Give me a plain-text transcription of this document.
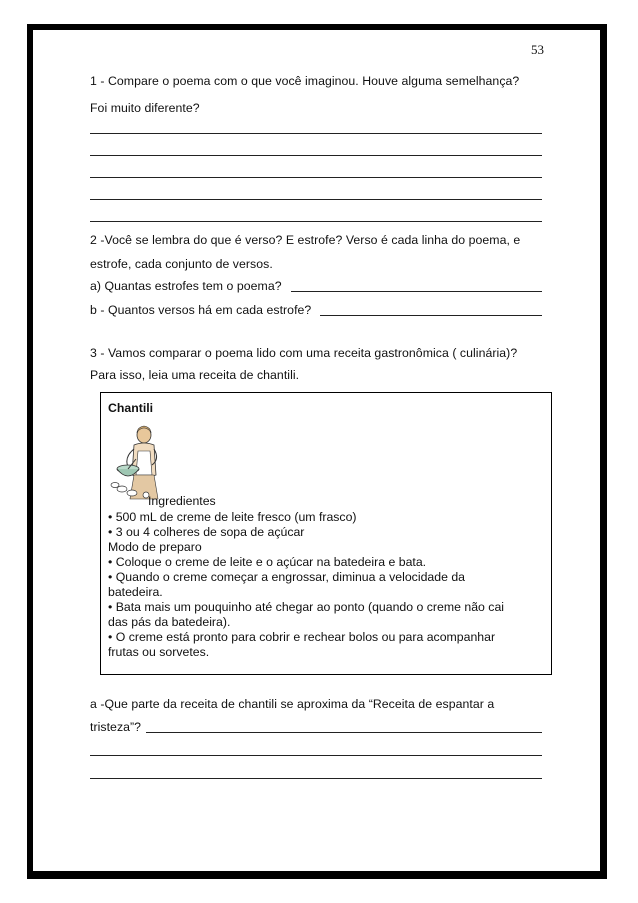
53
1 - Compare o poema com o que você imaginou. Houve alguma semelhança?
Foi muito diferente?
2 -Você se lembra do que é verso? E estrofe? Verso é cada linha do poema, e
estrofe, cada conjunto de versos.
a) Quantas estrofes tem o poema?
b - Quantos versos há em cada estrofe?
3 - Vamos comparar o poema lido com uma receita gastronômica ( culinária)?
Para isso, leia uma receita de chantili.
Chantili
Ingredientes
• 500 mL de creme de leite fresco (um frasco)
• 3 ou 4 colheres de sopa de açúcar
Modo de preparo
• Coloque o creme de leite e o açúcar na batedeira e bata.
• Quando o creme começar a engrossar, diminua a velocidade da
batedeira.
• Bata mais um pouquinho até chegar ao ponto (quando o creme não cai
das pás da batedeira).
• O creme está pronto para cobrir e rechear bolos ou para acompanhar
frutas ou sorvetes.
a -Que parte da receita de chantili se aproxima da “Receita de espantar a
tristeza”?
